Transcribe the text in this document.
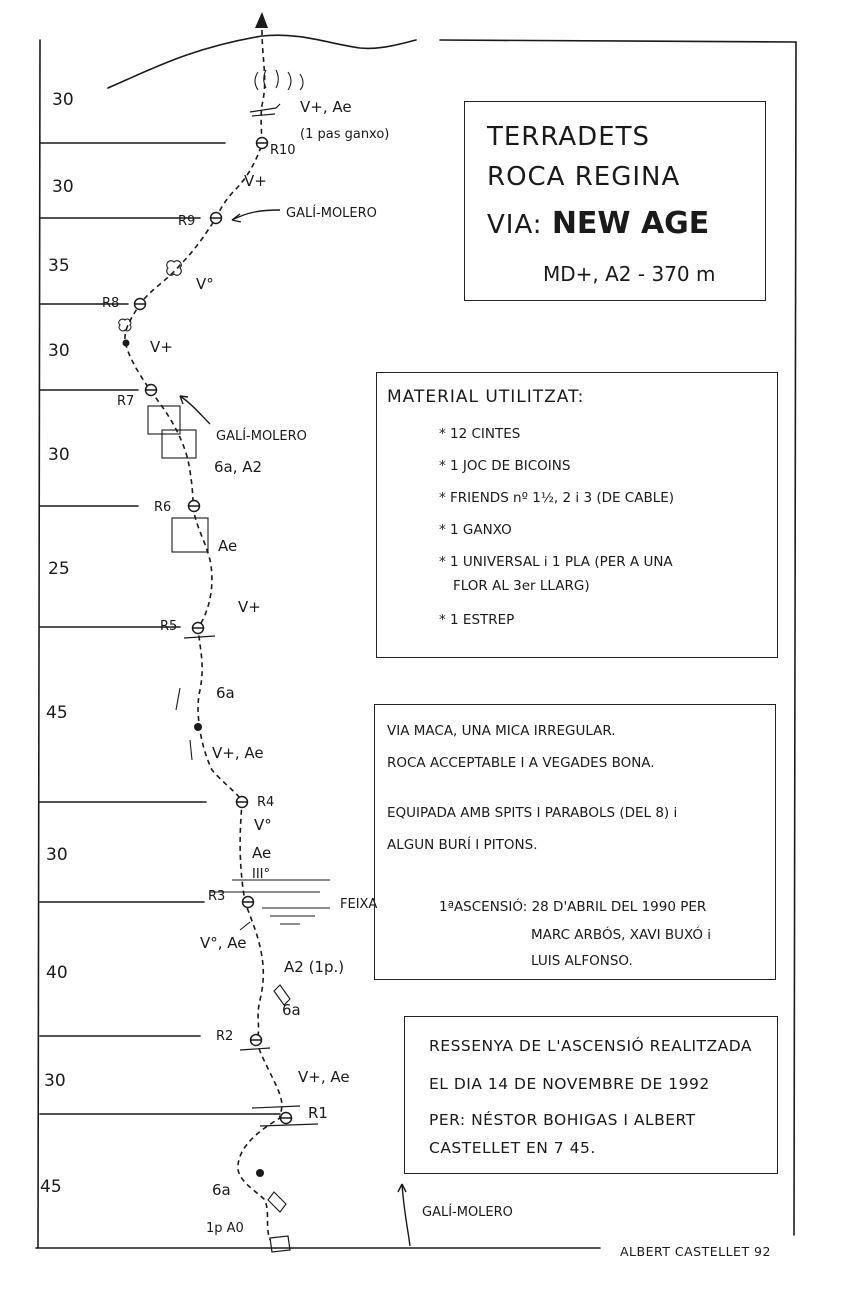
30
30
35
30
30
25
45
30
40
30
45
R10
R9
R8
R7
R6
R5
R4
R3
R2
R1
V+, Ae
(1 pas ganxo)
V+
V°
V+
6a, A2
Ae
V+
6a
V+, Ae
V°
Ae
III°
V°, Ae
A2 (1p.)
6a
V+, Ae
6a
1p A0
GALÍ-MOLERO
GALÍ-MOLERO
FEIXA
GALÍ-MOLERO
TERRADETS
ROCA REGINA
VIA: NEW AGE
MD+, A2 - 370 m
MATERIAL UTILITZAT:
* 12 CINTES
* 1 JOC DE BICOINS
* FRIENDS nº 1½, 2 i 3 (DE CABLE)
* 1 GANXO
* 1 UNIVERSAL i 1 PLA (PER A UNA
FLOR AL 3er LLARG)
* 1 ESTREP
VIA MACA, UNA MICA IRREGULAR.
ROCA ACCEPTABLE I A VEGADES BONA.
EQUIPADA AMB SPITS I PARABOLS (DEL 8) i
ALGUN BURÍ I PITONS.
1ªASCENSIÓ: 28 D'ABRIL DEL 1990 PER
MARC ARBÓS, XAVI BUXÓ i
LUIS ALFONSO.
RESSENYA DE L'ASCENSIÓ REALITZADA
EL DIA 14 DE NOVEMBRE DE 1992
PER: NÉSTOR BOHIGAS I ALBERT
CASTELLET EN 7 45.
ALBERT CASTELLET 92
